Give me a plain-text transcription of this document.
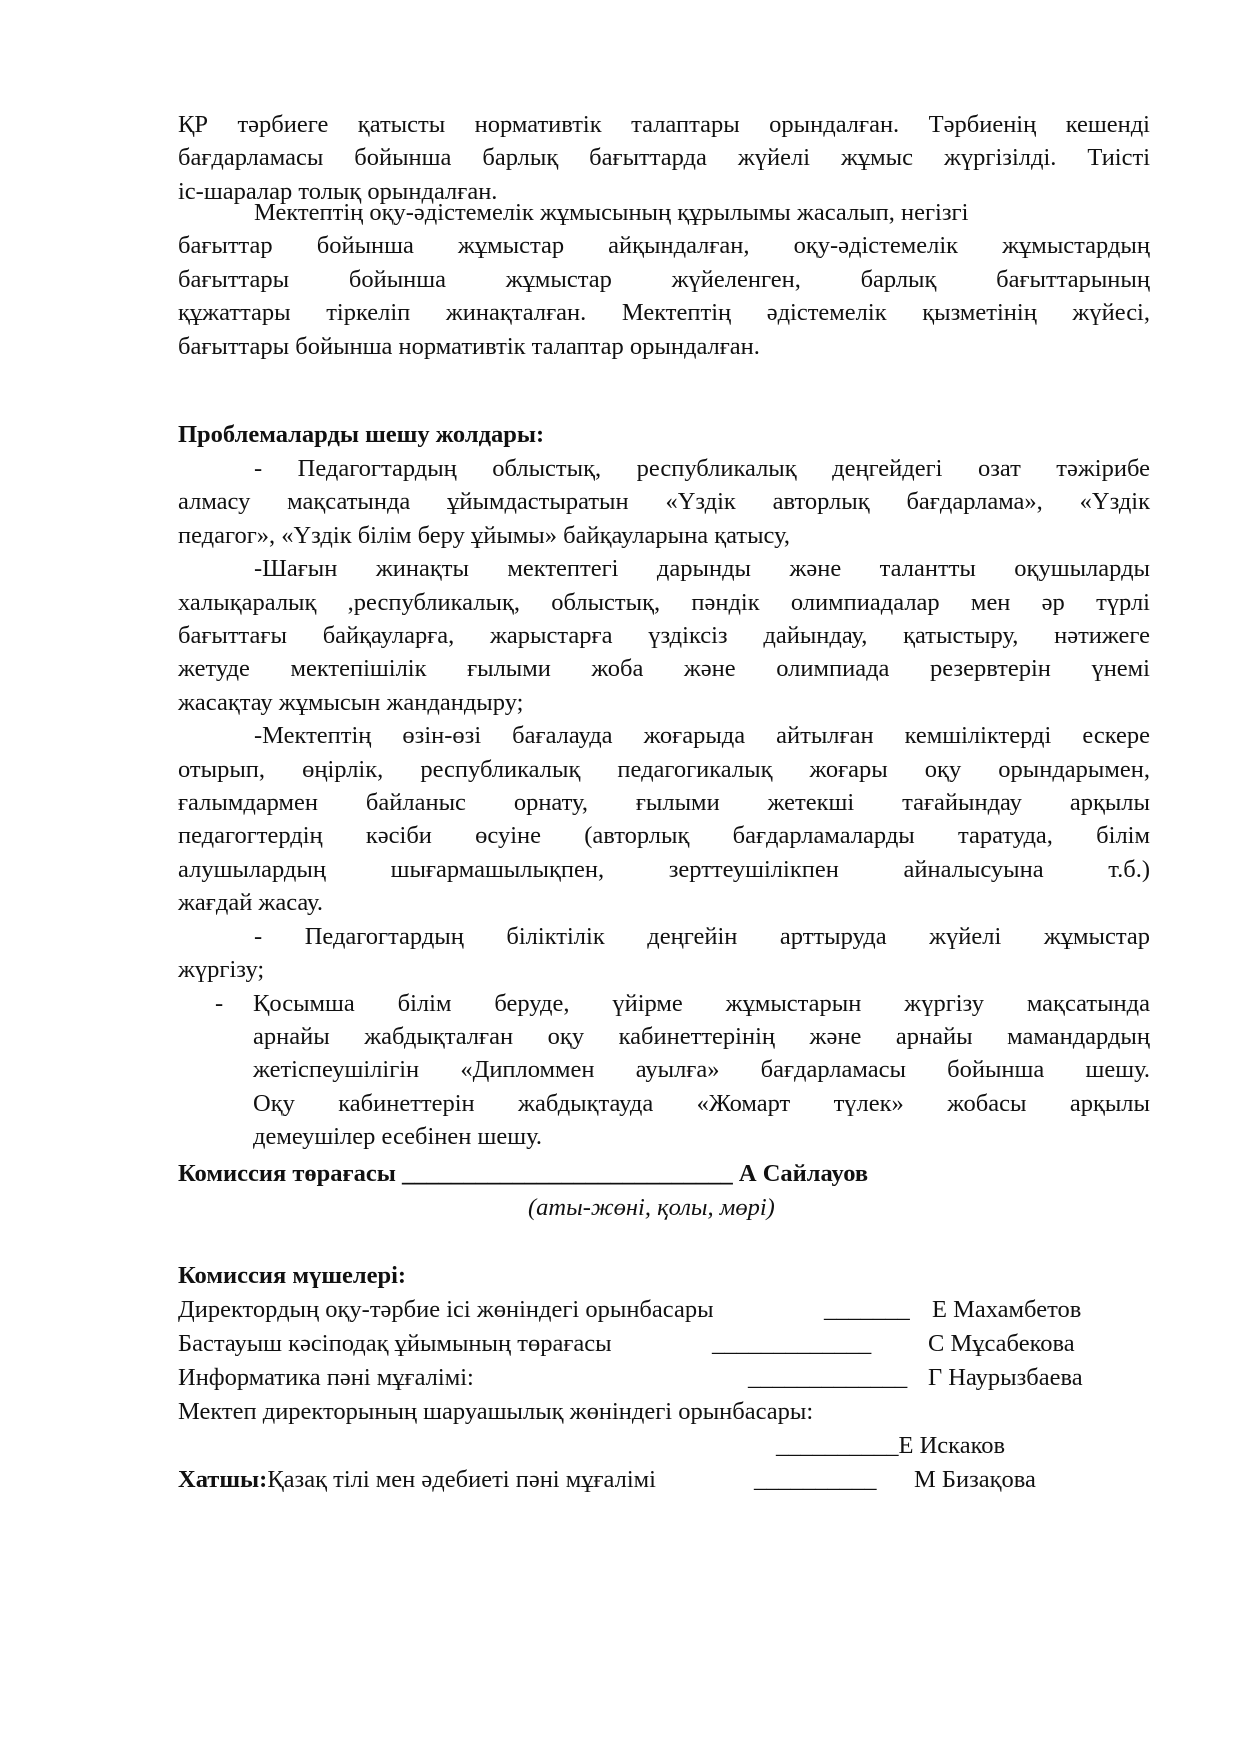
ҚР тәрбиеге қатысты нормативтік талаптары орындалған. Тәрбиенің кешенді

бағдарламасы бойынша барлық бағыттарда жүйелі жұмыс жүргізілді. Тиісті

іс-шаралар толық орындалған.

Мектептің оқу-әдістемелік жұмысының құрылымы жасалып, негізгі

бағыттар бойынша жұмыстар айқындалған, оқу-әдістемелік жұмыстардың

бағыттары бойынша жұмыстар жүйеленген, барлық бағыттарының

құжаттары тіркеліп жинақталған. Мектептің әдістемелік қызметінің жүйесі,

бағыттары бойынша нормативтік талаптар орындалған.

Проблемаларды шешу жолдары:

- Педагогтардың облыстық, республикалық деңгейдегі озат тәжірибе

алмасу мақсатында ұйымдастыратын «Үздік авторлық бағдарлама», «Үздік

педагог», «Үздік білім беру ұйымы» байқауларына қатысу,

-Шағын жинақты мектептегі дарынды және талантты оқушыларды

халықаралық ,республикалық, облыстық, пәндік олимпиадалар мен әр түрлі

бағыттағы байқауларға, жарыстарға үздіксіз дайындау, қатыстыру, нәтижеге

жетуде мектепішілік ғылыми жоба және олимпиада резервтерін үнемі

жасақтау жұмысын жандандыру;

-Мектептің өзін-өзі бағалауда жоғарыда айтылған кемшіліктерді ескере

отырып, өңірлік, республикалық педагогикалық жоғары оқу орындарымен,

ғалымдармен байланыс орнату, ғылыми жетекші тағайындау арқылы

педагогтердің кәсіби өсуіне (авторлық бағдарламаларды таратуда, білім

алушылардың шығармашылықпен, зерттеушілікпен айналысуына т.б.)

жағдай жасау.

- Педагогтардың біліктілік деңгейін арттыруда жүйелі жұмыстар

жүргізу;

- Қосымша білім беруде, үйірме жұмыстарын жүргізу мақсатында

арнайы жабдықталған оқу кабинеттерінің және арнайы мамандардың

жетіспеушілігін «Дипломмен ауылға» бағдарламасы бойынша шешу.

Оқу кабинеттерін жабдықтауда «Жомарт түлек» жобасы арқылы

демеушілер есебінен шешу.

Комиссия төрағасы ___________________________ А Сайлауов
(аты-жөні, қолы, мөрі)
Комиссия мүшелері:
Директордың оқу-тәрбие ісі жөніндегі орынбасары	_______ Е Махамбетов
Бастауыш кәсіподақ ұйымының төрағасы	_____________ С Мұсабекова
Информатика пәні мұғалімі:	_____________ Г Наурызбаева
Мектеп директорының шаруашылық жөніндегі орынбасары:
__________Е Искаков
Хатшы:Қазақ тілі мен әдебиеті пәні мұғалімі	__________ М Бизақова
